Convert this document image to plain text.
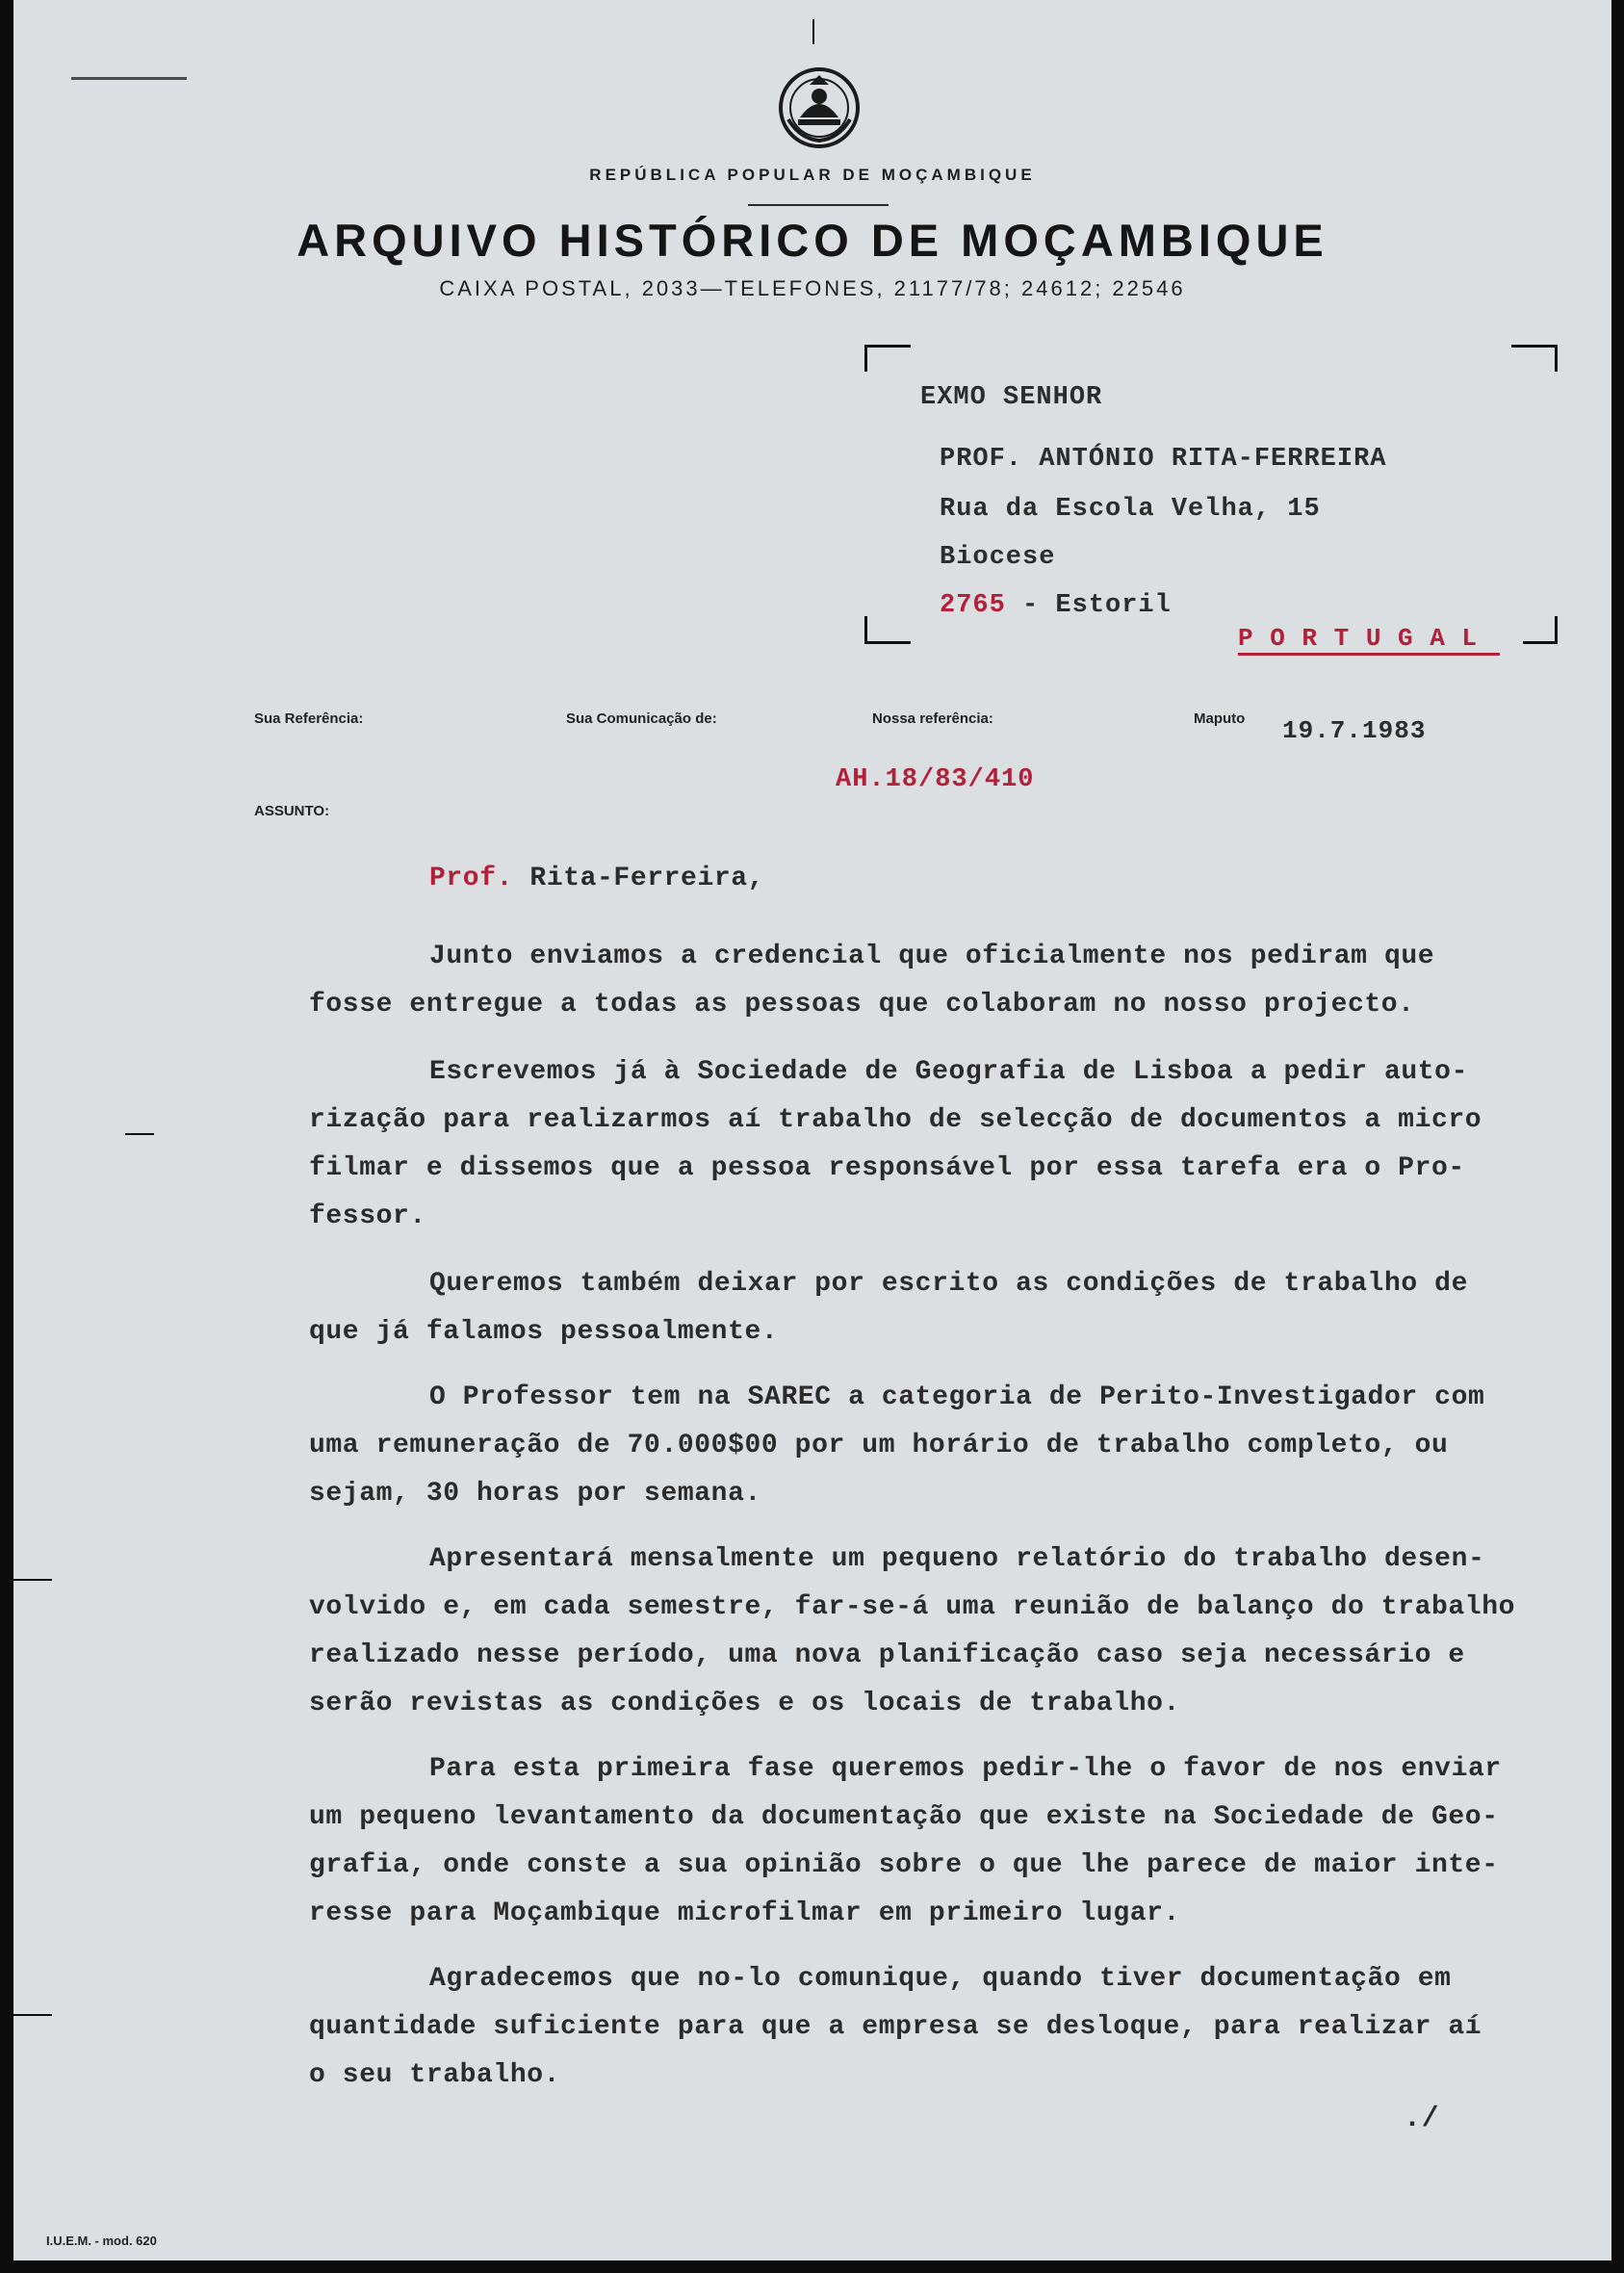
REPÚBLICA POPULAR DE MOÇAMBIQUE
ARQUIVO HISTÓRICO DE MOÇAMBIQUE
CAIXA POSTAL, 2033—TELEFONES, 21177/78; 24612; 22546
EXMO SENHOR
PROF. ANTÓNIO RITA-FERREIRA
Rua da Escola Velha, 15
Biocese
2765 - Estoril
P O R T U G A L
Sua Referência:	Sua Comunicação de:	Nossa referência:	Maputo 19.7.1983
AH.18/83/410
ASSUNTO:
Prof. Rita-Ferreira,
Junto enviamos a credencial que oficialmente nos pediram que
fosse entregue a todas as pessoas que colaboram no nosso projecto.
Escrevemos já à Sociedade de Geografia de Lisboa a pedir auto-
rização para realizarmos aí trabalho de selecção de documentos a micro
filmar e dissemos que a pessoa responsável por essa tarefa era o Pro-
fessor.
Queremos também deixar por escrito as condições de trabalho de
que já falamos pessoalmente.
O Professor tem na SAREC a categoria de Perito-Investigador com
uma remuneração de 70.000$00 por um horário de trabalho completo, ou
sejam, 30 horas por semana.
Apresentará mensalmente um pequeno relatório do trabalho desen-
volvido e, em cada semestre, far-se-á uma reunião de balanço do trabalho
realizado nesse período, uma nova planificação caso seja necessário e
serão revistas as condições e os locais de trabalho.
Para esta primeira fase queremos pedir-lhe o favor de nos enviar
um pequeno levantamento da documentação que existe na Sociedade de Geo-
grafia, onde conste a sua opinião sobre o que lhe parece de maior inte-
resse para Moçambique microfilmar em primeiro lugar.
Agradecemos que no-lo comunique, quando tiver documentação em
quantidade suficiente para que a empresa se desloque, para realizar aí
o seu trabalho.
./
I.U.E.M. - mod. 620
